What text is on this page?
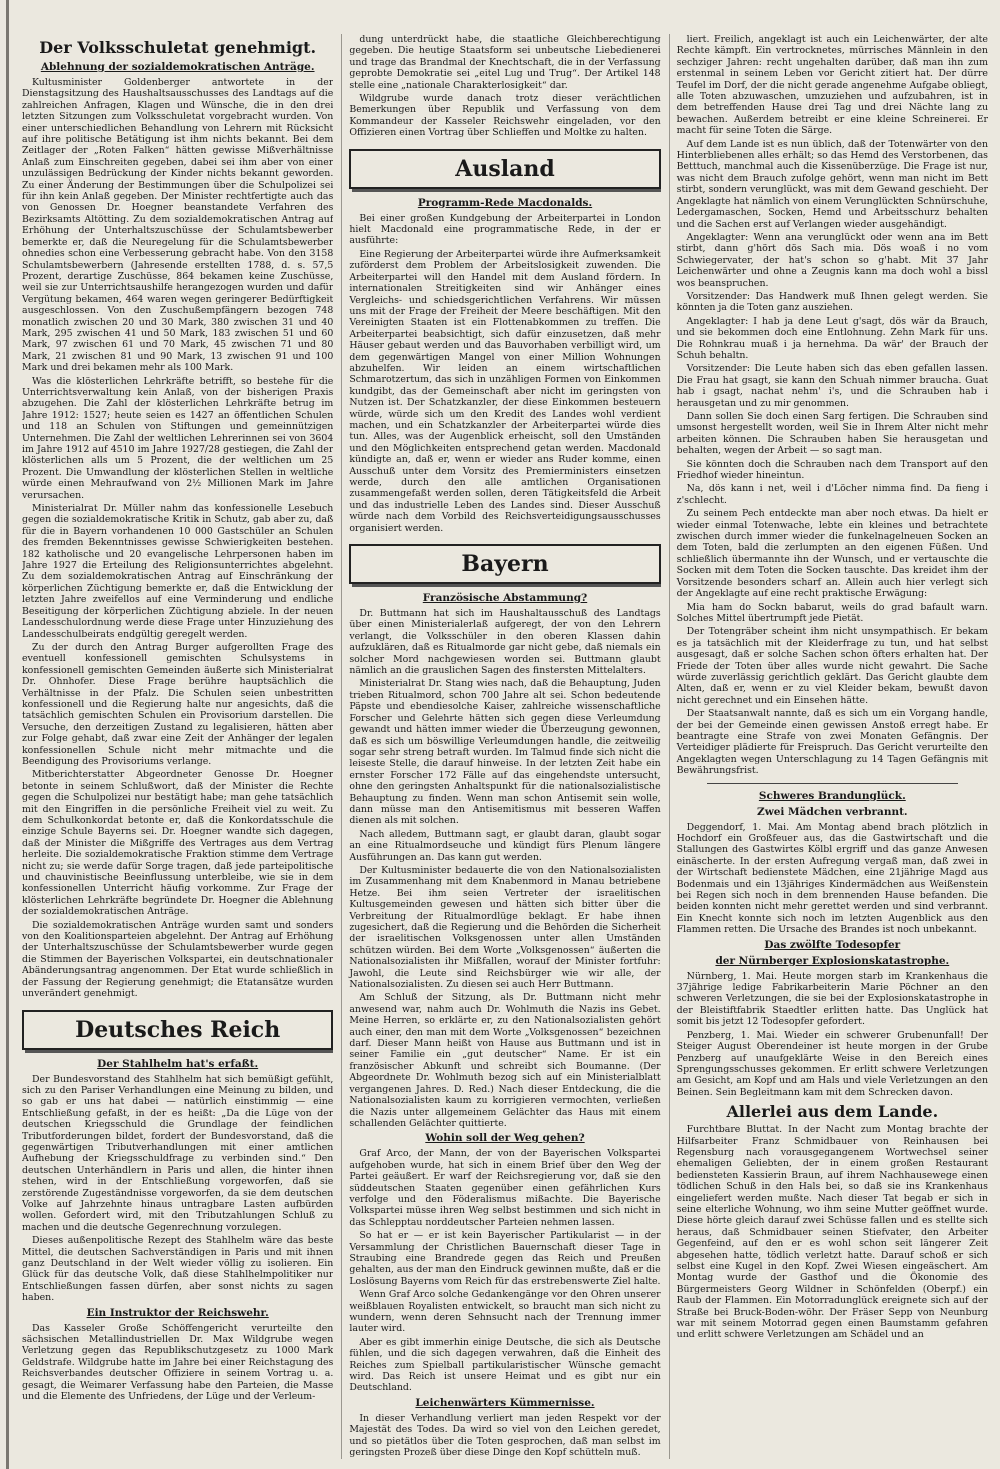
Der Volksschuletat genehmigt.
Ablehnung der sozialdemokratischen Anträge.

Kultusminister Goldenberger antwortete in der Dienstagsitzung des Haushaltsausschusses des Landtags auf die zahlreichen Anfragen, Klagen und Wünsche, die in den drei letzten Sitzungen zum Volksschuletat vorgebracht wurden. Von einer unterschiedlichen Behandlung von Lehrern mit Rücksicht auf ihre politische Betätigung ist ihm nichts bekannt. Bei dem Zeitlager der „Roten Falken“ hätten gewisse Mißverhältnisse Anlaß zum Einschreiten gegeben, dabei sei ihm aber von einer unzulässigen Bedrückung der Kinder nichts bekannt geworden. Zu einer Änderung der Bestimmungen über die Schulpolizei sei für ihn kein Anlaß gegeben. Der Minister rechtfertigte auch das von Genossen Dr. Hoegner beanstandete Verfahren des Bezirksamts Altötting. Zu dem sozialdemokratischen Antrag auf Erhöhung der Unterhaltszuschüsse der Schulamtsbewerber bemerkte er, daß die Neuregelung für die Schulamtsbewerber ohnedies schon eine Verbesserung gebracht habe. Von den 3158 Schulamtsbewerbern (Jahresende erstellten 1788, d. s. 57,5 Prozent, derartige Zuschüsse, 864 bekamen keine Zuschüsse, weil sie zur Unterrichtsaushilfe herangezogen wurden und dafür Vergütung bekamen, 464 waren wegen geringerer Bedürftigkeit ausgeschlossen. Von den Zuschußempfängern bezogen 748 monatlich zwischen 20 und 30 Mark, 380 zwischen 31 und 40 Mark, 295 zwischen 41 und 50 Mark, 183 zwischen 51 und 60 Mark, 97 zwischen 61 und 70 Mark, 45 zwischen 71 und 80 Mark, 21 zwischen 81 und 90 Mark, 13 zwischen 91 und 100 Mark und drei bekamen mehr als 100 Mark.

Was die klösterlichen Lehrkräfte betrifft, so bestehe für die Unterrichtsverwaltung kein Anlaß, von der bisherigen Praxis abzugehen. Die Zahl der klösterlichen Lehrkräfte betrug im Jahre 1912: 1527; heute seien es 1427 an öffentlichen Schulen und 118 an Schulen von Stiftungen und gemeinnützigen Unternehmen. Die Zahl der weltlichen Lehrerinnen sei von 3604 im Jahre 1912 auf 4510 im Jahre 1927/28 gestiegen, die Zahl der klösterlichen alls um 5 Prozent, die der weltlichen um 25 Prozent. Die Umwandlung der klösterlichen Stellen in weltliche würde einen Mehraufwand von 2½ Millionen Mark im Jahre verursachen.

Ministerialrat Dr. Müller nahm das konfessionelle Lesebuch gegen die sozialdemokratische Kritik in Schutz, gab aber zu, daß für die in Bayern vorhandenen 10 000 Gastschüler an Schulen des fremden Bekenntnisses gewisse Schwierigkeiten bestehen. 182 katholische und 20 evangelische Lehrpersonen haben im Jahre 1927 die Erteilung des Religionsunterrichtes abgelehnt. Zu dem sozialdemokratischen Antrag auf Einschränkung der körperlichen Züchtigung bemerkte er, daß die Entwicklung der letzten Jahre zweifellos auf eine Verminderung und endliche Beseitigung der körperlichen Züchtigung abziele. In der neuen Landesschulordnung werde diese Frage unter Hinzuziehung des Landesschulbeirats endgültig geregelt werden.

Zu der durch den Antrag Burger aufgerollten Frage des eventuell konfessionell gemischten Schulsystems in konfessionell gemischten Gemeinden äußerte sich Ministerialrat Dr. Ohnhofer. Diese Frage berühre hauptsächlich die Verhältnisse in der Pfalz. Die Schulen seien unbestritten konfessionell und die Regierung halte nur angesichts, daß die tatsächlich gemischten Schulen ein Provisorium darstellen. Die Versuche, den derzeitigen Zustand zu legalisieren, hätten aber zur Folge gehabt, daß zwar eine Zeit der Anhänger der legalen konfessionellen Schule nicht mehr mitmachte und die Beendigung des Provisoriums verlange.

Mitberichterstatter Abgeordneter Genosse Dr. Hoegner betonte in seinem Schlußwort, daß der Minister die Rechte gegen die Schulpolizei nur bestätigt habe; man gehe tatsächlich mit den Eingriffen in die persönliche Freiheit viel zu weit. Zu dem Schulkonkordat betonte er, daß die Konkordatsschule die einzige Schule Bayerns sei. Dr. Hoegner wandte sich dagegen, daß der Minister die Mißgriffe des Vertrages aus dem Vertrag herleite. Die sozialdemokratische Fraktion stimme dem Vertrage nicht zu; sie werde dafür Sorge tragen, daß jede parteipolitische und chauvinistische Beeinflussung unterbleibe, wie sie in dem konfessionellen Unterricht häufig vorkomme. Zur Frage der klösterlichen Lehrkräfte begründete Dr. Hoegner die Ablehnung der sozialdemokratischen Anträge.

Die sozialdemokratischen Anträge wurden samt und sonders von den Koalitionsparteien abgelehnt. Der Antrag auf Erhöhung der Unterhaltszuschüsse der Schulamtsbewerber wurde gegen die Stimmen der Bayerischen Volkspartei, ein deutschnationaler Abänderungsantrag angenommen. Der Etat wurde schließlich in der Fassung der Regierung genehmigt; die Etatansätze wurden unverändert genehmigt.

Deutsches Reich
Der Stahlhelm hat's erfaßt.

Der Bundesvorstand des Stahlhelm hat sich bemüßigt gefühlt, sich zu den Pariser Verhandlungen eine Meinung zu bilden, und so gab er uns hat dabei — natürlich einstimmig — eine Entschließung gefaßt, in der es heißt: „Da die Lüge von der deutschen Kriegsschuld die Grundlage der feindlichen Tributforderungen bildet, fordert der Bundesvorstand, daß die gegenwärtigen Tributverhandlungen mit einer amtlichen Aufhebung der Kriegsschuldfrage zu verbinden sind.“ Den deutschen Unterhändlern in Paris und allen, die hinter ihnen stehen, wird in der Entschließung vorgeworfen, daß sie zerstörende Zugeständnisse vorgeworfen, da sie dem deutschen Volke auf Jahrzehnte hinaus untragbare Lasten aufbürden wollen. Gefordert wird, mit den Tributzahlungen Schluß zu machen und die deutsche Gegenrechnung vorzulegen.

Dieses außenpolitische Rezept des Stahlhelm wäre das beste Mittel, die deutschen Sachverständigen in Paris und mit ihnen ganz Deutschland in der Welt wieder völlig zu isolieren. Ein Glück für das deutsche Volk, daß diese Stahlhelmpolitiker nur Entschließungen fassen dürfen, aber sonst nichts zu sagen haben.

Ein Instruktor der Reichswehr.

Das Kasseler Große Schöffengericht verurteilte den sächsischen Metallindustriellen Dr. Max Wildgrube wegen Verletzung gegen das Republikschutzgesetz zu 1000 Mark Geldstrafe. Wildgrube hatte im Jahre bei einer Reichstagung des Reichsverbandes deutscher Offiziere in seinem Vortrag u. a. gesagt, die Weimarer Verfassung habe den Parteien, die Masse und die Elemente des Unfriedens, der Lüge und der Verleum-

dung unterdrückt habe, die staatliche Gleichberechtigung gegeben. Die heutige Staatsform sei unbeutsche Liebedienerei und trage das Brandmal der Knechtschaft, die in der Verfassung geprobte Demokratie sei „eitel Lug und Trug“. Der Artikel 148 stelle eine „nationale Charakterlosigkeit“ dar.

Wildgrube wurde danach trotz dieser verächtlichen Bemerkungen über Republik und Verfassung von dem Kommandeur der Kasseler Reichswehr eingeladen, vor den Offizieren einen Vortrag über Schlieffen und Moltke zu halten.

Ausland
Programm-Rede Macdonalds.

Bei einer großen Kundgebung der Arbeiterpartei in London hielt Macdonald eine programmatische Rede, in der er ausführte:

Eine Regierung der Arbeiterpartei würde ihre Aufmerksamkeit zuförderst dem Problem der Arbeitslosigkeit zuwenden. Die Arbeiterpartei will den Handel mit dem Ausland fördern. In internationalen Streitigkeiten sind wir Anhänger eines Vergleichs- und schiedsgerichtlichen Verfahrens. Wir müssen uns mit der Frage der Freiheit der Meere beschäftigen. Mit den Vereinigten Staaten ist ein Flottenabkommen zu treffen. Die Arbeiterpartei beabsichtigt, sich dafür einzusetzen, daß mehr Häuser gebaut werden und das Bauvorhaben verbilligt wird, um dem gegenwärtigen Mangel von einer Million Wohnungen abzuhelfen. Wir leiden an einem wirtschaftlichen Schmarotzertum, das sich in unzähligen Formen von Einkommen kundgibt, das der Gemeinschaft aber nicht im geringsten von Nutzen ist. Der Schatzkanzler, der diese Einkommen besteuern würde, würde sich um den Kredit des Landes wohl verdient machen, und ein Schatzkanzler der Arbeiterpartei würde dies tun. Alles, was der Augenblick erheischt, soll den Umständen und den Möglichkeiten entsprechend getan werden. Macdonald kündigte an, daß er, wenn er wieder ans Ruder komme, einen Ausschuß unter dem Vorsitz des Premierministers einsetzen werde, durch den alle amtlichen Organisationen zusammengefaßt werden sollen, deren Tätigkeitsfeld die Arbeit und das industrielle Leben des Landes sind. Dieser Ausschuß würde nach dem Vorbild des Reichsverteidigungsausschusses organisiert werden.

Bayern
Französische Abstammung?

Dr. Buttmann hat sich im Haushaltausschuß des Landtags über einen Ministerialerlaß aufgeregt, der von den Lehrern verlangt, die Volksschüler in den oberen Klassen dahin aufzuklären, daß es Ritualmorde gar nicht gebe, daß niemals ein solcher Mord nachgewiesen worden sei. Buttmann glaubt nämlich an die grauslichen Sagen des finstersten Mittelalters.

Ministerialrat Dr. Stang wies nach, daß die Behauptung, Juden trieben Ritualmord, schon 700 Jahre alt sei. Schon bedeutende Päpste und ebendiesolche Kaiser, zahlreiche wissenschaftliche Forscher und Gelehrte hätten sich gegen diese Verleumdung gewandt und hätten immer wieder die Überzeugung gewonnen, daß es sich um böswillige Verleumdungen handle, die zeitweilig sogar sehr streng betraft wurden. Im Talmud finde sich nicht die leiseste Stelle, die darauf hinweise. In der letzten Zeit habe ein ernster Forscher 172 Fälle auf das eingehendste untersucht, ohne den geringsten Anhaltspunkt für die nationalsozialistische Behauptung zu finden. Wenn man schon Antisemit sein wolle, dann müsse man den Antisemitismus mit besseren Waffen dienen als mit solchen.

Nach alledem, Buttmann sagt, er glaubt daran, glaubt sogar an eine Ritualmordseuche und kündigt fürs Plenum längere Ausführungen an. Das kann gut werden.

Der Kultusminister bedauerte die von den Nationalsozialisten im Zusammenhang mit dem Knabenmord in Manau betriebene Hetze. Bei ihm seien Vertreter der israelitischen Kultusgemeinden gewesen und hätten sich bitter über die Verbreitung der Ritualmordlüge beklagt. Er habe ihnen zugesichert, daß die Regierung und die Behörden die Sicherheit der israelitischen Volksgenossen unter allen Umständen schützen würden. Bei dem Worte „Volksgenossen“ äußerten die Nationalsozialisten ihr Mißfallen, worauf der Minister fortfuhr: Jawohl, die Leute sind Reichsbürger wie wir alle, der Nationalsozialisten. Zu diesen sei auch Herr Buttmann.

Am Schluß der Sitzung, als Dr. Buttmann nicht mehr anwesend war, nahm auch Dr. Wohlmuth die Nazis ins Gebet. Meine Herren, so erklärte er, zu den Nationalsozialisten gehört auch einer, den man mit dem Worte „Volksgenossen“ bezeichnen darf. Dieser Mann heißt von Hause aus Buttmann und ist in seiner Familie ein „gut deutscher“ Name. Er ist ein französischer Abkunft und schreibt sich Boumanne. (Der Abgeordnete Dr. Wohlmuth bezog sich auf ein Ministerialblatt vergangenen Jahres. D. Red.) Nach dieser Entdeckung, die die Nationalsozialisten kaum zu korrigieren vermochten, verließen die Nazis unter allgemeinem Gelächter das Haus mit einem schallenden Gelächter quittierte.

Wohin soll der Weg gehen?

Graf Arco, der Mann, der von der Bayerischen Volkspartei aufgehoben wurde, hat sich in einem Brief über den Weg der Partei geäußert. Er warf der Reichsregierung vor, daß sie den süddeutschen Staaten gegenüber einen gefährlichen Kurs verfolge und den Föderalismus mißachte. Die Bayerische Volkspartei müsse ihren Weg selbst bestimmen und sich nicht in das Schlepptau norddeutscher Parteien nehmen lassen.

So hat er — er ist kein Bayerischer Partikularist — in der Versammlung der Christlichen Bauernschaft dieser Tage in Straubing eine Brandrede gegen das Reich und Preußen gehalten, aus der man den Eindruck gewinnen mußte, daß er die Loslösung Bayerns vom Reich für das erstrebenswerte Ziel halte.

Wenn Graf Arco solche Gedankengänge vor den Ohren unserer weißblauen Royalisten entwickelt, so braucht man sich nicht zu wundern, wenn deren Sehnsucht nach der Trennung immer lauter wird.

Aber es gibt immerhin einige Deutsche, die sich als Deutsche fühlen, und die sich dagegen verwahren, daß die Einheit des Reiches zum Spielball partikularistischer Wünsche gemacht wird. Das Reich ist unsere Heimat und es gibt nur ein Deutschland.

Leichenwärters Kümmernisse.

In dieser Verhandlung verliert man jeden Respekt vor der Majestät des Todes. Da wird so viel von den Leichen geredet, und so pietätlos über die Toten gesprochen, daß man selbst im geringsten Prozeß über diese Dinge den Kopf schütteln muß.

liert. Freilich, angeklagt ist auch ein Leichenwärter, der alte Rechte kämpft. Ein vertrocknetes, mürrisches Männlein in den sechziger Jahren: recht ungehalten darüber, daß man ihn zum erstenmal in seinem Leben vor Gericht zitiert hat. Der dürre Teufel im Dorf, der die nicht gerade angenehme Aufgabe obliegt, alle Toten abzuwaschen, umzuziehen und aufzubahren, ist in dem betreffenden Hause drei Tag und drei Nächte lang zu bewachen. Außerdem betreibt er eine kleine Schreinerei. Er macht für seine Toten die Särge.

Auf dem Lande ist es nun üblich, daß der Totenwärter von den Hinterbliebenen alles erhält; so das Hemd des Verstorbenen, das Betttuch, manchmal auch die Kissenüberzüge. Die Frage ist nur, was nicht dem Brauch zufolge gehört, wenn man nicht im Bett stirbt, sondern verunglückt, was mit dem Gewand geschieht. Der Angeklagte hat nämlich von einem Verunglückten Schnürschuhe, Ledergamaschen, Socken, Hemd und Arbeitsschurz behalten und die Sachen erst auf Verlangen wieder ausgehändigt.

Angeklagter: Wenn ana verunglückt oder wenn ana im Bett stirbt, dann g'hört dös Sach mia. Dös woaß i no vom Schwiegervater, der hat's schon so g'habt. Mit 37 Jahr Leichenwärter und ohne a Zeugnis kann ma doch wohl a bissl wos beanspruchen.

Vorsitzender: Das Handwerk muß Ihnen gelegt werden. Sie könnten ja die Toten ganz ausziehen.

Angeklagter: I hab ja dene Leut g'sagt, dös wär da Brauch, und sie bekommen doch eine Entlohnung. Zehn Mark für uns. Die Rohnkrau muaß i ja hernehma. Da wär' der Brauch der Schuh behaltn.

Vorsitzender: Die Leute haben sich das eben gefallen lassen. Die Frau hat gsagt, sie kann den Schuah nimmer braucha. Guat hab i gsagt, nachat nehm' i's, und die Schrauben hab i herausgetan und zu mir genommen.

Dann sollen Sie doch einen Sarg fertigen. Die Schrauben sind umsonst hergestellt worden, weil Sie in Ihrem Alter nicht mehr arbeiten können. Die Schrauben haben Sie herausgetan und behalten, wegen der Arbeit — so sagt man.

Sie könnten doch die Schrauben nach dem Transport auf den Friedhof wieder hineintun.

Na, dös kann i net, weil i d'Löcher nimma find. Da fieng i z'schlecht.

Zu seinem Pech entdeckte man aber noch etwas. Da hielt er wieder einmal Totenwache, lebte ein kleines und betrachtete zwischen durch immer wieder die funkelnagelneuen Socken an dem Toten, bald die zerlumpten an den eigenen Füßen. Und schließlich übermannte ihn der Wunsch, und er vertauschte die Socken mit dem Toten die Socken tauschte. Das kreidet ihm der Vorsitzende besonders scharf an. Allein auch hier verlegt sich der Angeklagte auf eine recht praktische Erwägung:

Mia ham do Sockn babarut, weils do grad bafault warn. Solches Mittel übertrumpft jede Pietät.

Der Totengräber scheint ihm nicht unsympathisch. Er bekam es ja tatsächlich mit der Kleiderfrage zu tun, und hat selbst ausgesagt, daß er solche Sachen schon öfters erhalten hat. Der Friede der Toten über alles wurde nicht gewahrt. Die Sache würde zuverlässig gerichtlich geklärt. Das Gericht glaubte dem Alten, daß er, wenn er zu viel Kleider bekam, bewußt davon nicht gerechnet und ein Einsehen hätte.

Der Staatsanwalt nannte, daß es sich um ein Vorgang handle, der bei der Gemeinde einen gewissen Anstoß erregt habe. Er beantragte eine Strafe von zwei Monaten Gefängnis. Der Verteidiger plädierte für Freispruch. Das Gericht verurteilte den Angeklagten wegen Unterschlagung zu 14 Tagen Gefängnis mit Bewährungsfrist.

Schweres Brandunglück.
Zwei Mädchen verbrannt.

Deggendorf, 1. Mai. Am Montag abend brach plötzlich in Hochdorf ein Großfeuer aus, das die Gastwirtschaft und die Stallungen des Gastwirtes Kölbl ergriff und das ganze Anwesen einäscherte. In der ersten Aufregung vergaß man, daß zwei in der Wirtschaft bedienstete Mädchen, eine 21jährige Magd aus Bodenmais und ein 13jähriges Kindermädchen aus Weißenstein bei Regen sich noch in dem brennenden Hause befanden. Die beiden konnten nicht mehr gerettet werden und sind verbrannt. Ein Knecht konnte sich noch im letzten Augenblick aus den Flammen retten. Die Ursache des Brandes ist noch unbekannt.

Das zwölfte Todesopfer
der Nürnberger Explosionskatastrophe.

Nürnberg, 1. Mai. Heute morgen starb im Krankenhaus die 37jährige ledige Fabrikarbeiterin Marie Pöchner an den schweren Verletzungen, die sie bei der Explosionskatastrophe in der Bleistiftfabrik Staedtler erlitten hatte. Das Unglück hat somit bis jetzt 12 Todesopfer gefordert.

Penzberg, 1. Mai. Wieder ein schwerer Grubenunfall! Der Steiger August Oberendeiner ist heute morgen in der Grube Penzberg auf unaufgeklärte Weise in den Bereich eines Sprengungsschusses gekommen. Er erlitt schwere Verletzungen am Gesicht, am Kopf und am Hals und viele Verletzungen an den Beinen. Sein Begleitmann kam mit dem Schrecken davon.

Allerlei aus dem Lande.

Furchtbare Bluttat. In der Nacht zum Montag brachte der Hilfsarbeiter Franz Schmidbauer von Reinhausen bei Regensburg nach vorausgegangenem Wortwechsel seiner ehemaligen Geliebten, der in einem großen Restaurant bediensteten Kassierin Braun, auf ihrem Nachhausewege einen tödlichen Schuß in den Hals bei, so daß sie ins Krankenhaus eingeliefert werden mußte. Nach dieser Tat begab er sich in seine elterliche Wohnung, wo ihm seine Mutter geöffnet wurde. Diese hörte gleich darauf zwei Schüsse fallen und es stellte sich heraus, daß Schmidbauer seinen Stiefvater, den Arbeiter Gegenfeind, auf den er es wohl schon seit längerer Zeit abgesehen hatte, tödlich verletzt hatte. Darauf schoß er sich selbst eine Kugel in den Kopf. Zwei Wiesen eingeäschert. Am Montag wurde der Gasthof und die Ökonomie des Bürgermeisters Georg Wildner in Schönfelden (Oberpf.) ein Raub der Flammen. Ein Motorradunglück ereignete sich auf der Straße bei Bruck-Boden-wöhr. Der Fräser Sepp von Neunburg war mit seinem Motorrad gegen einen Baumstamm gefahren und erlitt schwere Verletzungen am Schädel und an
